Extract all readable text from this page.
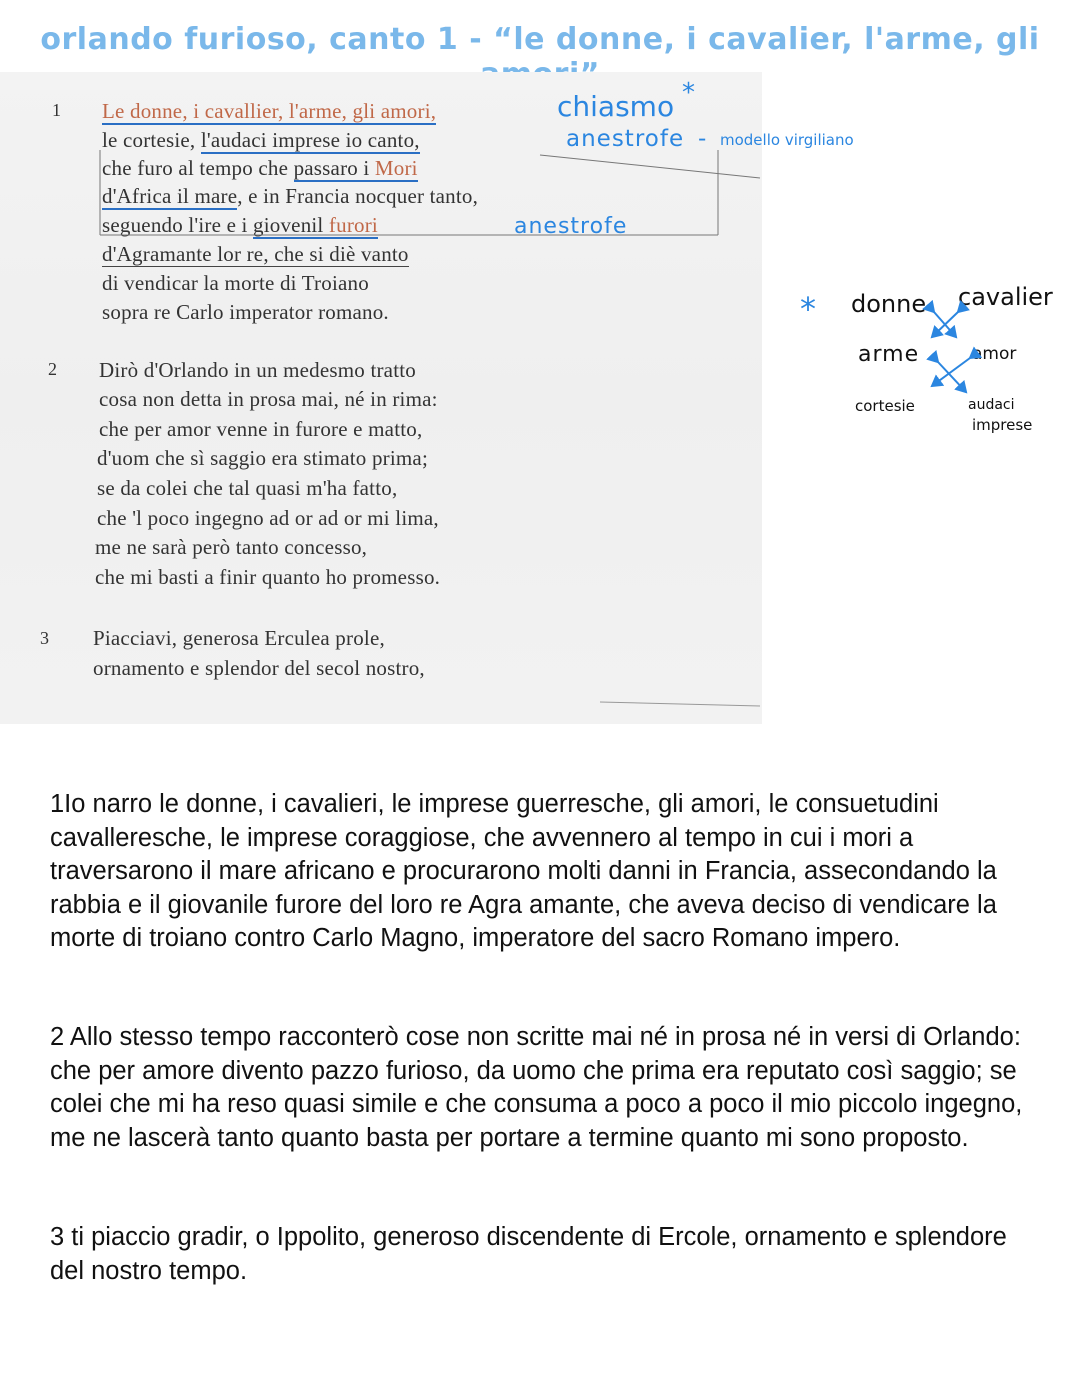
orlando furioso, canto 1 - “le donne, i cavalier, l'arme, gli
1 Le donne, i cavallier, l'arme, gli amori,
le cortesie, l'audaci imprese io canto,
che furo al tempo che passaro i Mori
d'Africa il mare, e in Francia nocquer tanto,
seguendo l'ire e i giovenil furori
d'Agramante lor re, che si diè vanto
di vendicar la morte di Troiano
sopra re Carlo imperator romano.
2 Dirò d'Orlando in un medesmo tratto
cosa non detta in prosa mai, né in rima:
che per amor venne in furore e matto,
d'uom che sì saggio era stimato prima;
se da colei che tal quasi m'ha fatto,
che 'l poco ingegno ad or ad or mi lima,
me ne sarà però tanto concesso,
che mi basti a finir quanto ho promesso.
3 Piacciavi, generosa Erculea prole,
ornamento e splendor del secol nostro,
chiasmo *
anestrofe - modello virgiliano
anestrofe
* donne cavalier
arme	amor
cortesie	audaci
imprese
1Io narro le donne, i cavalieri, le imprese guerresche, gli amori, le consuetudini cavalleresche, le imprese coraggiose, che avvennero al tempo in cui i mori a traversarono il mare africano e procurarono molti danni in Francia, assecondando la rabbia e il giovanile furore del loro re Agra amante, che aveva deciso di vendicare la morte di troiano contro Carlo Magno, imperatore del sacro Romano impero.
2 Allo stesso tempo racconterò cose non scritte mai né in prosa né in versi di Orlando: che per amore divento pazzo furioso, da uomo che prima era reputato così saggio; se colei che mi ha reso quasi simile e che consuma a poco a poco il mio piccolo ingegno, me ne lascerà tanto quanto basta per portare a termine quanto mi sono proposto.
3 ti piaccio gradir, o Ippolito, generoso discendente di Ercole, ornamento e splendore del nostro tempo.
